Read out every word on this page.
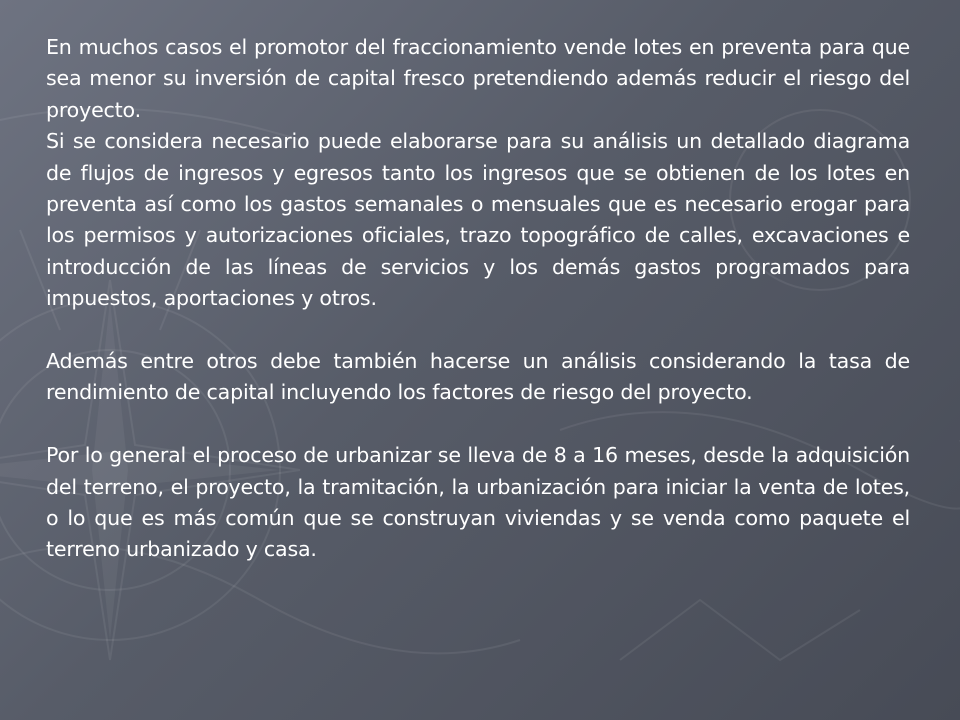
En muchos casos el promotor del fraccionamiento vende lotes en preventa para que sea menor su inversión de capital fresco pretendiendo además reducir el riesgo del proyecto.

Si se considera necesario puede elaborarse para su análisis un detallado diagrama de flujos de ingresos y egresos tanto los ingresos que se obtienen de los lotes en preventa así como los gastos semanales o mensuales que es necesario erogar para los permisos y autorizaciones oficiales, trazo topográfico de calles, excavaciones e introducción de las líneas de servicios y los demás gastos programados para impuestos, aportaciones y otros.

Además entre otros debe también hacerse un análisis considerando la tasa de rendimiento de capital incluyendo los factores de riesgo del proyecto.

Por lo general el proceso de urbanizar se lleva de 8 a 16 meses, desde la adquisición del terreno, el proyecto, la tramitación, la urbanización para iniciar la venta de lotes, o lo que es más común que se construyan viviendas y se venda como paquete el terreno urbanizado y casa.
